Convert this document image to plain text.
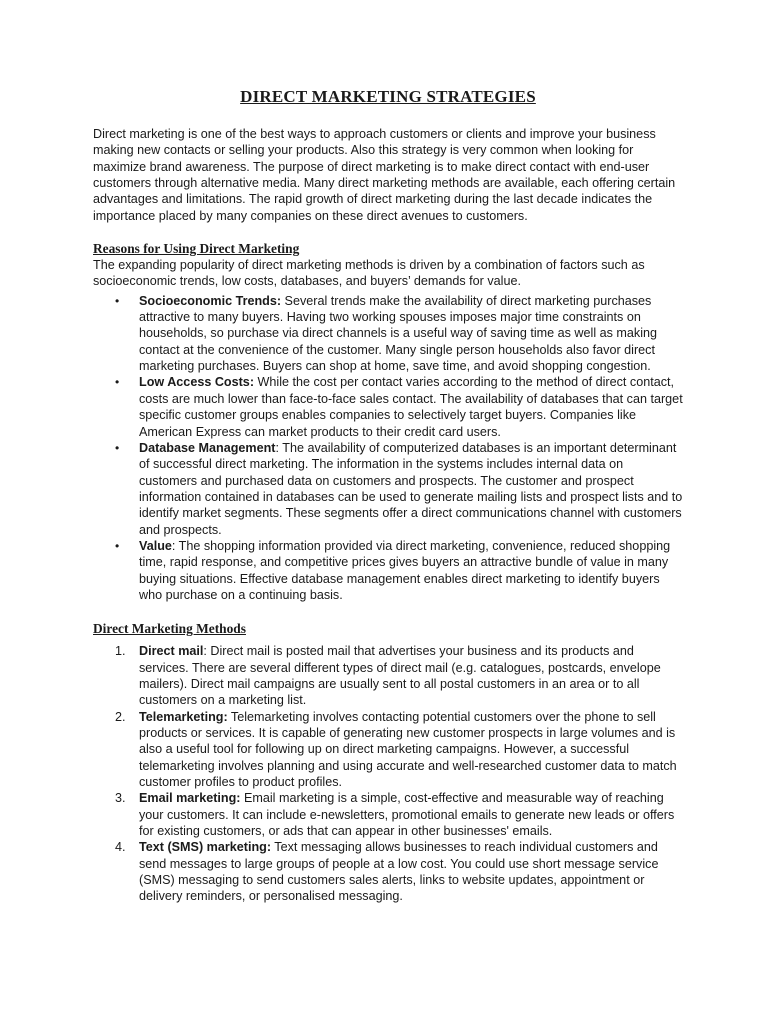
DIRECT MARKETING STRATEGIES

Direct marketing is one of the best ways to approach customers or clients and improve your business making new contacts or selling your products. Also this strategy is very common when looking for maximize brand awareness. The purpose of direct marketing is to make direct contact with end-user customers through alternative media. Many direct marketing methods are available, each offering certain advantages and limitations. The rapid growth of direct marketing during the last decade indicates the importance placed by many companies on these direct avenues to customers.

Reasons for Using Direct Marketing

The expanding popularity of direct marketing methods is driven by a combination of factors such as socioeconomic trends, low costs, databases, and buyers’ demands for value.

• Socioeconomic Trends: Several trends make the availability of direct marketing purchases attractive to many buyers. Having two working spouses imposes major time constraints on households, so purchase via direct channels is a useful way of saving time as well as making contact at the convenience of the customer. Many single person households also favor direct marketing purchases. Buyers can shop at home, save time, and avoid shopping congestion.
• Low Access Costs: While the cost per contact varies according to the method of direct contact, costs are much lower than face-to-face sales contact. The availability of databases that can target specific customer groups enables companies to selectively target buyers. Companies like American Express can market products to their credit card users.
• Database Management: The availability of computerized databases is an important determinant of successful direct marketing. The information in the systems includes internal data on customers and purchased data on customers and prospects. The customer and prospect information contained in databases can be used to generate mailing lists and prospect lists and to identify market segments. These segments offer a direct communications channel with customers and prospects.
• Value: The shopping information provided via direct marketing, convenience, reduced shopping time, rapid response, and competitive prices gives buyers an attractive bundle of value in many buying situations. Effective database management enables direct marketing to identify buyers who purchase on a continuing basis.
Direct Marketing Methods
1. Direct mail: Direct mail is posted mail that advertises your business and its products and services. There are several different types of direct mail (e.g. catalogues, postcards, envelope mailers). Direct mail campaigns are usually sent to all postal customers in an area or to all customers on a marketing list.
2. Telemarketing: Telemarketing involves contacting potential customers over the phone to sell products or services. It is capable of generating new customer prospects in large volumes and is also a useful tool for following up on direct marketing campaigns. However, a successful telemarketing involves planning and using accurate and well-researched customer data to match customer profiles to product profiles.
3. Email marketing: Email marketing is a simple, cost-effective and measurable way of reaching your customers. It can include e-newsletters, promotional emails to generate new leads or offers for existing customers, or ads that can appear in other businesses' emails.
4. Text (SMS) marketing: Text messaging allows businesses to reach individual customers and send messages to large groups of people at a low cost. You could use short message service (SMS) messaging to send customers sales alerts, links to website updates, appointment or delivery reminders, or personalised messaging.
